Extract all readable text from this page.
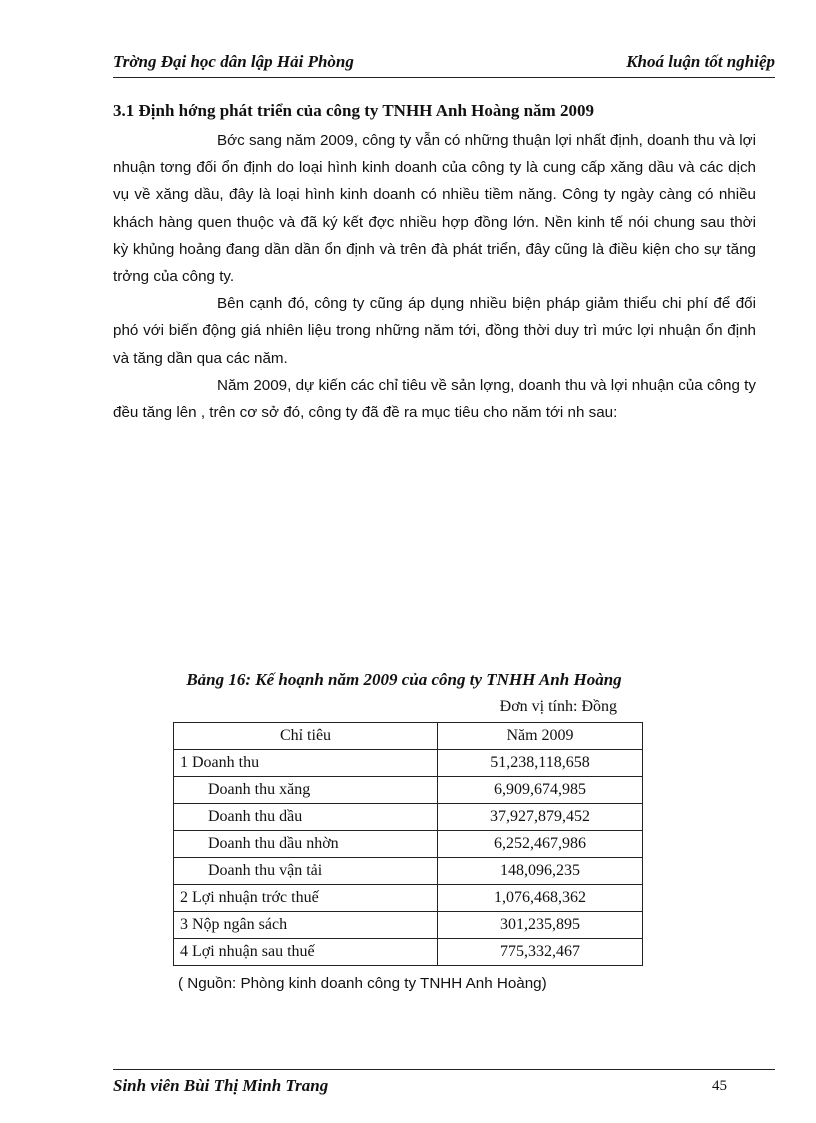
Trờng Đại học dân lập Hải Phòng	Khoá luận tốt nghiệp
3.1 Định hớng phát triển của công ty TNHH Anh Hoàng năm 2009

Bớc sang năm 2009, công ty vẫn có những thuận lợi nhất định, doanh thu và lợi nhuận tơng đối ổn định do loại hình kinh doanh của công ty là cung cấp xăng dầu và các dịch vụ về xăng dầu, đây là loại hình kinh doanh có nhiều tiềm năng. Công ty ngày càng có nhiều khách hàng quen thuộc và đã ký kết đợc nhiều hợp đồng lớn. Nền kinh tế nói chung sau thời kỳ khủng hoảng đang dần dần ổn định và trên đà phát triển, đây cũng là điều kiện cho sự tăng trởng của công ty.

Bên cạnh đó, công ty cũng áp dụng nhiều biện pháp giảm thiểu chi phí để đối phó với biến động giá nhiên liệu trong những năm tới, đồng thời duy trì mức lợi nhuận ổn định và tăng dần qua các năm.

Năm 2009, dự kiến các chỉ tiêu về sản lợng, doanh thu và lợi nhuận của công ty đều tăng lên , trên cơ sở đó, công ty đã đề ra mục tiêu cho năm tới nh sau:

Bảng 16: Kế hoạnh năm 2009 của công ty TNHH Anh Hoàng
Đơn vị tính: Đồng
Chỉ tiêu	Năm 2009
1 Doanh thu	51,238,118,658
Doanh thu xăng	6,909,674,985
Doanh thu dầu	37,927,879,452
Doanh thu dầu nhờn	6,252,467,986
Doanh thu vận tải	148,096,235
2 Lợi nhuận trớc thuế	1,076,468,362
3 Nộp ngân sách	301,235,895
4 Lợi nhuận sau thuế	775,332,467
( Nguồn: Phòng kinh doanh công ty TNHH Anh Hoàng)
Sinh viên Bùi Thị Minh Trang	45
